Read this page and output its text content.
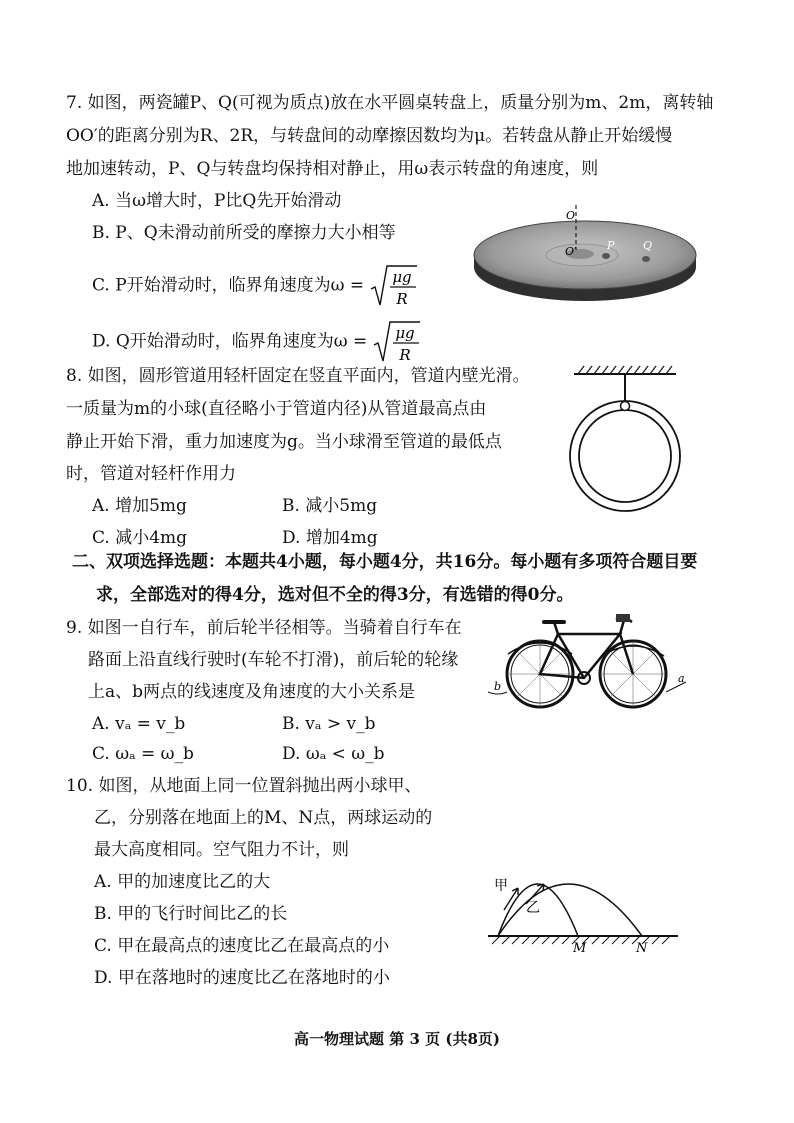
7. 如图，两瓷罐P、Q(可视为质点)放在水平圆桌转盘上，质量分别为m、2m，离转轴
OO′的距离分别为R、2R，与转盘间的动摩擦因数均为μ。若转盘从静止开始缓慢
地加速转动，P、Q与转盘均保持相对静止，用ω表示转盘的角速度，则
A. 当ω增大时，P比Q先开始滑动
B. P、Q未滑动前所受的摩擦力大小相等
C. P开始滑动时，临界角速度为ω = μg
R
D. Q开始滑动时，临界角速度为ω = μg
R
O
O′	P	Q
8. 如图，圆形管道用轻杆固定在竖直平面内，管道内壁光滑。
一质量为m的小球(直径略小于管道内径)从管道最高点由
静止开始下滑，重力加速度为g。当小球滑至管道的最低点
时，管道对轻杆作用力
A. 增加5mg	B. 减小5mg
C. 减小4mg	D. 增加4mg
二、双项选择选题：本题共4小题，每小题4分，共16分。每小题有多项符合题目要
求，全部选对的得4分，选对但不全的得3分，有选错的得0分。
9. 如图一自行车，前后轮半径相等。当骑着自行车在
路面上沿直线行驶时(车轮不打滑)，前后轮的轮缘
上a、b两点的线速度及角速度的大小关系是
A. vₐ = v_b	B. vₐ > v_b
C. ωₐ = ω_b	D. ωₐ < ω_b
b
a
10. 如图，从地面上同一位置斜抛出两小球甲、
乙，分别落在地面上的M、N点，两球运动的
最大高度相同。空气阻力不计，则
A. 甲的加速度比乙的大
B. 甲的飞行时间比乙的长
C. 甲在最高点的速度比乙在最高点的小
D. 甲在落地时的速度比乙在落地时的小
甲
乙
M	N
高一物理试题 第 3 页 (共8页)
